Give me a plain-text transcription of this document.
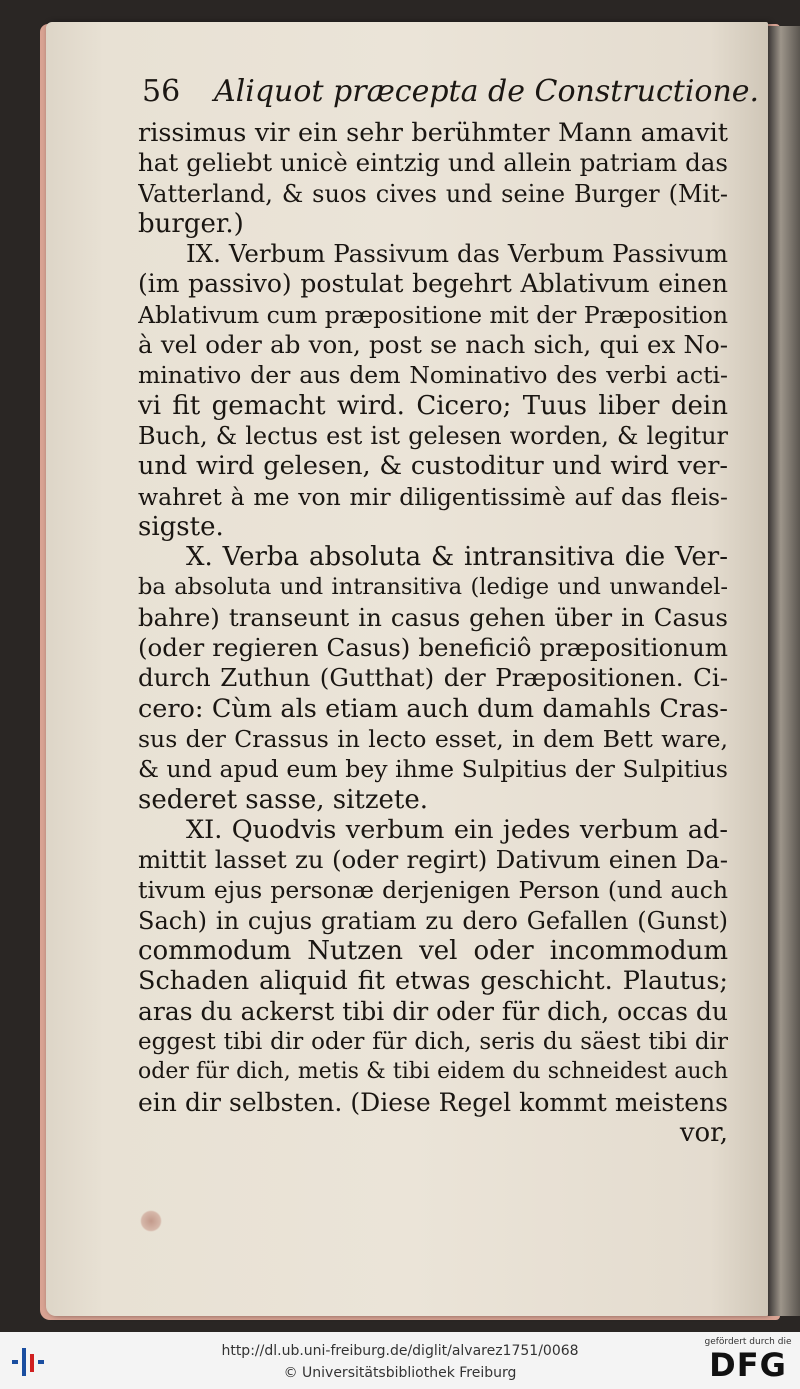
56 Aliquot præcepta de Constructione.
rissimus vir ein sehr berühmter Mann amavit
hat geliebt unicè eintzig und allein patriam das
Vatterland, & suos cives und seine Burger (Mit-
burger.)
IX. Verbum Passivum das Verbum Passivum
(im passivo) postulat begehrt Ablativum einen
Ablativum cum præpositione mit der Præposition
à vel oder ab von, post se nach sich, qui ex No-
minativo der aus dem Nominativo des verbi acti-
vi fit gemacht wird. Cicero; Tuus liber dein
Buch, & lectus est ist gelesen worden, & legitur
und wird gelesen, & custoditur und wird ver-
wahret à me von mir diligentissimè auf das fleis-
sigste.
X. Verba absoluta & intransitiva die Ver-
ba absoluta und intransitiva (ledige und unwandel-
bahre) transeunt in casus gehen über in Casus
(oder regieren Casus) beneficiô præpositionum
durch Zuthun (Gutthat) der Præpositionen. Ci-
cero: Cùm als etiam auch dum damahls Cras-
sus der Crassus in lecto esset, in dem Bett ware,
& und apud eum bey ihme Sulpitius der Sulpitius
sederet sasse, sitzete.
XI. Quodvis verbum ein jedes verbum ad-
mittit lasset zu (oder regirt) Dativum einen Da-
tivum ejus personæ derjenigen Person (und auch
Sach) in cujus gratiam zu dero Gefallen (Gunst)
commodum Nutzen vel oder incommodum
Schaden aliquid fit etwas geschicht. Plautus;
aras du ackerst tibi dir oder für dich, occas du
eggest tibi dir oder für dich, seris du säest tibi dir
oder für dich, metis & tibi eidem du schneidest auch
ein dir selbsten. (Diese Regel kommt meistens
vor,
http://dl.ub.uni-freiburg.de/diglit/alvarez1751/0068
© Universitätsbibliothek Freiburg
gefördert durch die
DFG
